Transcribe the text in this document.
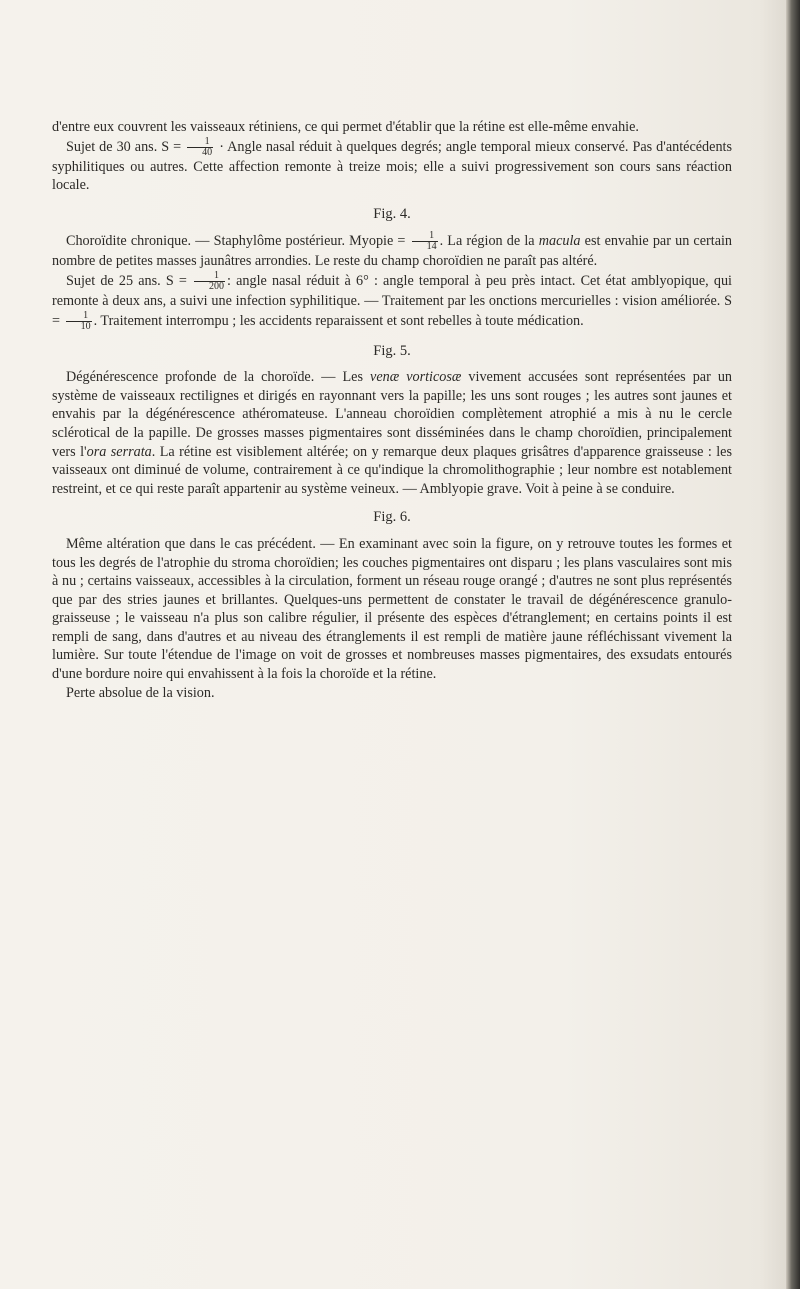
d'entre eux couvrent les vaisseaux rétiniens, ce qui permet d'établir que la rétine est elle-même envahie.

Sujet de 30 ans. $S = \frac{1}{40}$ · Angle nasal réduit à quelques degrés; angle temporal mieux conservé. Pas d'antécédents syphilitiques ou autres. Cette affection remonte à treize mois; elle a suivi progressivement son cours sans réaction locale.

Fig. 4.

Choroïdite chronique. — Staphylôme postérieur. Myopie = $\frac{1}{14}$ . La région de la macula est envahie par un certain nombre de petites masses jaunâtres arrondies. Le reste du champ choroïdien ne paraît pas altéré.

Sujet de 25 ans. $S = \frac{1}{200}$ : angle nasal réduit à 6° : angle temporal à peu près intact. Cet état amblyopique, qui remonte à deux ans, a suivi une infection syphilitique. — Traitement par les onctions mercurielles : vision améliorée. $S = \frac{1}{10}$ . Traitement interrompu ; les accidents reparaissent et sont rebelles à toute médication.

Fig. 5.

Dégénérescence profonde de la choroïde. — Les venæ vorticosæ vivement accusées sont représentées par un système de vaisseaux rectilignes et dirigés en rayonnant vers la papille; les uns sont rouges ; les autres sont jaunes et envahis par la dégénérescence athéromateuse. L'anneau choroïdien complètement atrophié a mis à nu le cercle sclérotical de la papille. De grosses masses pigmentaires sont disséminées dans le champ choroïdien, principalement vers l'ora serrata. La rétine est visiblement altérée; on y remarque deux plaques grisâtres d'apparence graisseuse : les vaisseaux ont diminué de volume, contrairement à ce qu'indique la chromolithographie ; leur nombre est notablement restreint, et ce qui reste paraît appartenir au système veineux. — Amblyopie grave. Voit à peine à se conduire.

Fig. 6.

Même altération que dans le cas précédent. — En examinant avec soin la figure, on y retrouve toutes les formes et tous les degrés de l'atrophie du stroma choroïdien; les couches pigmentaires ont disparu ; les plans vasculaires sont mis à nu ; certains vaisseaux, accessibles à la circulation, forment un réseau rouge orangé ; d'autres ne sont plus représentés que par des stries jaunes et brillantes. Quelques-uns permettent de constater le travail de dégénérescence granulo-graisseuse ; le vaisseau n'a plus son calibre régulier, il présente des espèces d'étranglement; en certains points il est rempli de sang, dans d'autres et au niveau des étranglements il est rempli de matière jaune réfléchissant vivement la lumière. Sur toute l'étendue de l'image on voit de grosses et nombreuses masses pigmentaires, des exsudats entourés d'une bordure noire qui envahissent à la fois la choroïde et la rétine.

Perte absolue de la vision.
